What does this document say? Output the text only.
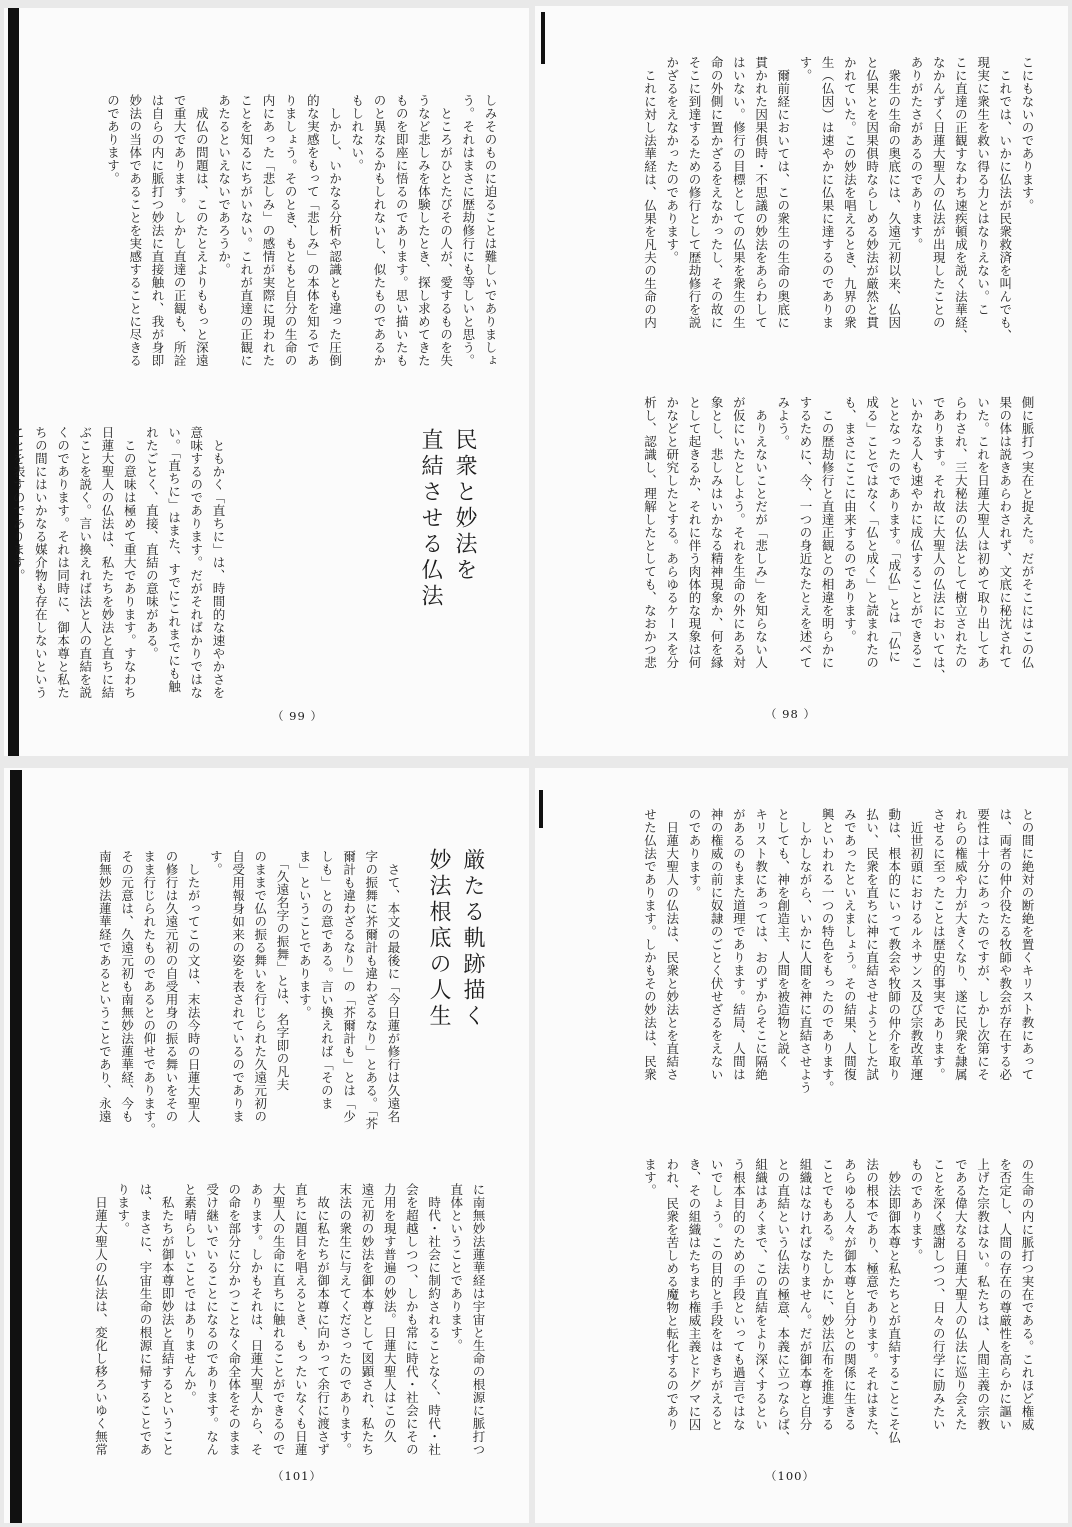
しみそのものに迫ることは難しいでありましょ
う。それはまさに歴劫修行にも等しいと思う。
　ところがひとたびその人が、愛するものを失
うなど悲しみを体験したとき、探し求めてきた
ものを即座に悟るのであります。思い描いたも
のと異なるかもしれないし、似たものであるか
もしれない。
　しかし、いかなる分析や認識とも違った圧倒
的な実感をもって「悲しみ」の本体を知るであ
りましょう。そのとき、もともと自分の生命の
内にあった「悲しみ」の感情が実際に現われた
ことを知るにちがいない。これが直達の正観に
あたるといえないであろうか。
　成仏の問題は、このたとえよりももっと深遠
で重大であります。しかし直達の正観も、所詮
は自らの内に脈打つ妙法に直接触れ、我が身即
妙法の当体であることを実感することに尽きる
のであります。
民衆と妙法を
直結させる仏法
　ともかく「直ちに」は、時間的な速やかさを
意味するのであります。だがそればかりではな
い。「直ちに」はまた、すでにこれまでにも触
れたごとく、直接、直結の意味がある。
　この意味は極めて重大であります。すなわち
日蓮大聖人の仏法は、私たちを妙法と直ちに結
ぶことを説く。言い換えれば法と人の直結を説
くのであります。それは同時に、御本尊と私た
ちの間にはいかなる媒介物も存在しないという
ことを表すのであります。

（ 99 ）
こにもないのであります。
　これでは、いかに仏法が民衆救済を叫んでも、
現実に衆生を救い得る力とはなりえない。こ
こに直達の正観すなわち速疾頓成を説く法華経、
なかんずく日蓮大聖人の仏法が出現したことの
ありがたさがあるのであります。
　衆生の生命の奥底には、久遠元初以来、仏因
と仏果とを因果俱時ならしめる妙法が厳然と貫
かれていた。この妙法を唱えるとき、九界の衆
生（仏因）は速やかに仏果に達するのでありま
す。
　爾前経においては、この衆生の生命の奥底に
貫かれた因果俱時・不思議の妙法をあらわして
はいない。修行の目標としての仏果を衆生の生
命の外側に置かざるをえなかったし、その故に
そこに到達するための修行として歴劫修行を説
かざるをえなかったのであります。
　これに対し法華経は、仏果を凡夫の生命の内
側に脈打つ実在と捉えた。だがそこにはこの仏
果の体は説きあらわされず、文底に秘沈されて
いた。これを日蓮大聖人は初めて取り出してあ
らわされ、三大秘法の仏法として樹立されたの
であります。それ故に大聖人の仏法においては、
いかなる人も速やかに成仏することができるこ
ととなったのであります。「成仏」とは「仏に
成る」ことではなく「仏と成く」と読まれたの
も、まさにここに由来するのであります。
　この歴劫修行と直達正観との相違を明らかに
するために、今、一つの身近なたとえを述べて
みよう。
　ありえないことだが「悲しみ」を知らない人
が仮にいたとしよう。それを生命の外にある対
象とし、悲しみはいかなる精神現象か、何を縁
として起きるか、それに伴う肉体的な現象は何
かなどと研究したとする。あらゆるケースを分
析し、認識し、理解したとしても、なおかつ悲
（ 98 ）
厳たる軌跡描く
妙法根底の人生
　さて、本文の最後に「今日蓮が修行は久遠名
字の振舞に芥爾計も違わざるなり」とある。「芥
爾計も違わざるなり」の「芥爾計も」とは「少
しも」との意である。言い換えれば「そのま
ま」ということであります。
　「久遠名字の振舞」とは、名字即の凡夫
のままで仏の振る舞いを行じられた久遠元初の
自受用報身如来の姿を表されているのでありま
す。
　したがってこの文は、末法今時の日蓮大聖人
の修行は久遠元初の自受用身の振る舞いをその
まま行じられたものであるとの仰せであります。
その元意は、久遠元初も南無妙法蓮華経、今も
南無妙法蓮華経であるということであり、永遠
に南無妙法蓮華経は宇宙と生命の根源に脈打つ
直体ということであります。
　時代・社会に制約されることなく、時代・社
会を超越しつつ、しかも常に時代・社会にその
力用を現す普遍の妙法。日蓮大聖人はこの久
遠元初の妙法を御本尊として図顕され、私たち
末法の衆生に与えてくださったのであります。
　故に私たちが御本尊に向かって余行に渡さず
直ちに題目を唱えるとき、もったいなくも日蓮
大聖人の生命に直ちに触れることができるので
あります。しかもそれは、日蓮大聖人から、そ
の命を部分に分かつことなく命全体をそのまま
受け継いでいることになるのであります。なん
と素晴らしいことではありませんか。
　私たちが御本尊即妙法と直結するということ
は、まさに、宇宙生命の根源に帰することであ
ります。
　日蓮大聖人の仏法は、変化し移ろいゆく無常
（101）
との間に絶対の断絶を置くキリスト教にあって
は、両者の仲介役たる牧師や教会が存在する必
要性は十分にあったのですが、しかし次第にそ
れらの権威や力が大きくなり、遂に民衆を隷属
させるに至ったことは歴史的事実であります。
　近世初頭におけるルネサンス及び宗教改革運
動は、根本的にいって教会や牧師の仲介を取り
払い、民衆を直ちに神に直結させようとした試
みであったといえましょう。その結果、人間復
興といわれる一つの特色をもったのであります。
　しかしながら、いかに人間を神に直結させよう
としても、神を創造主、人間を被造物と説く
キリスト教にあっては、おのずからそこに隔絶
があるのもまた道理であります。結局、人間は
神の権威の前に奴隷のごとく伏せざるをえない
のであります。
　日蓮大聖人の仏法は、民衆と妙法とを直結さ
せた仏法であります。しかもその妙法は、民衆
の生命の内に脈打つ実在である。これほど権威
を否定し、人間の存在の尊厳性を高らかに謳い
上げた宗教はない。私たちは、人間主義の宗教
である偉大なる日蓮大聖人の仏法に巡り会えた
ことを深く感謝しつつ、日々の行学に励みたい
ものであります。
　妙法即御本尊と私たちとが直結することこそ仏
法の根本であり、極意であります。それはまた、
あらゆる人々が御本尊と自分との関係に生きる
ことでもある。たしかに、妙法広布を推進する
組織はなければなりません。だが御本尊と自分
との直結という仏法の極意、本義に立つならば、
組織はあくまで、この直結をより深くするとい
う根本目的のための手段といっても過言ではな
いでしょう。この目的と手段をはきちがえると
き、その組織はたちまち権威主義とドグマに囚
われ、民衆を苦しめる魔物と転化するのであり
ます。
（100）
